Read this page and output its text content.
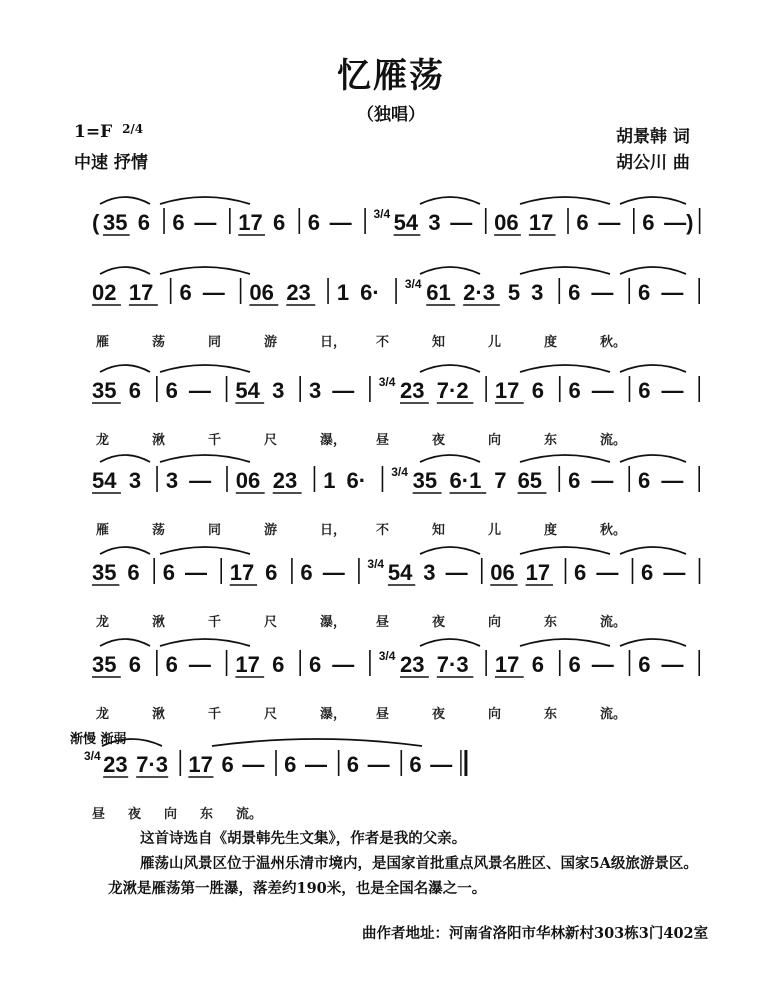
忆雁荡
（独唱）
1=F $^{2/4}$
中速 抒情
胡景韩 词
胡公川 曲
渐慢 渐弱
( 35 6 6 — 17 6 6 — 3/4 54 3 — 06 17 6 — 6 —)
02 17 6 — 06 23 1 6· 3/4 61 2·3 5 3 6 — 6 —
雁	荡	同	游	日， 不	知	儿	度	秋。
35 6 6 — 54 3 3 — 3/4 23 7·2 17 6 6 — 6 —
龙	湫	千	尺	瀑， 昼	夜	向	东	流。
54 3 3 — 06 23 1 6· 3/4 35 6·1 7 65 6 — 6 —
雁	荡	同	游	日， 不	知	儿	度	秋。
35 6 6 — 17 6 6 — 3/4 54 3 — 06 17 6 — 6 —
龙	湫	千	尺	瀑， 昼	夜	向	东	流。
35 6 6 — 17 6 6 — 3/4 23 7·3 17 6 6 — 6 —
龙	湫	千	尺	瀑， 昼	夜	向	东	流。
3/4 23 7·3 17 6 — 6 — 6 — 6 —
昼 夜 向 东 流。

这首诗选自《胡景韩先生文集》，作者是我的父亲。

雁荡山风景区位于温州乐清市境内，是国家首批重点风景名胜区、国家5A级旅游景区。

龙湫是雁荡第一胜瀑，落差约190米，也是全国名瀑之一。

曲作者地址：河南省洛阳市华林新村303栋3门402室
